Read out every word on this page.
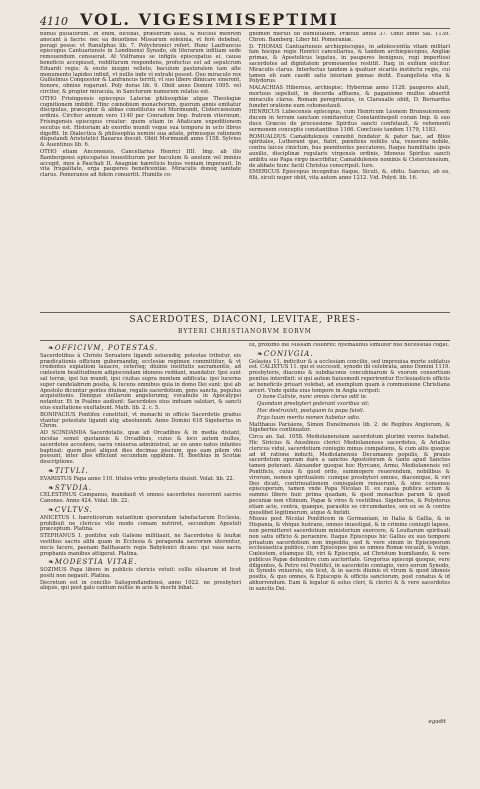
4110 VOL. VIGESIMISEPTIMI

nunus gultatorum. In enim, dicebat, præsertim assa, & nucleis menrem anocant à facris: nec ea deuotione Missarum solennia, vt ferè debebat, peragi posse: vt Ranulphus lib. 7. Polychronici refert. Hunc Lanfrancus episcopus Cantuariensis in Londinensi Synodo, ob literarum infitiam sede remouendum censuerat. At Vulfranus se infigiis episcopatus ei, causa beneficio accepisset, redditurum respondens, profectus est ad sepulcrum Eduardi regis: & exuto insigni velleto, baculum pastoralem tam alte monumento lapideo infixit, vt nullis inde vi extrahi posset. Quo miraculo rex Guilielmus Conquestor & Lanfrancus territi, vt suo libere dimicare sinerent, honore, obnixe rogarunt. Poly doras lib. 9. Obiit anno Domini 1095. vel circiter, & propter miracula, in Sanctorum numerum relatus est.

OTHO Frisingensis episcopus Lateriæ philosophiæ atque Theologiæ cognitionem imbibit. Hinc cœnobium monachorum, quorum annis emitatur discipulus, præceptor & abbas constitutus est Morimundi, Cisterciensium ordinis. Circiter annum vero 1140 per Conradum Imp. fratrem viterinum, Frisingensis episcopus creatur: quem etiam in Afiaticam expeditionem secutus est. Historiam ab exordio mundi vsque sua tempora in octo libros digeffit. In Dialectica & philosophia nemini sua ætate, primusque rationem disputandi Aristotelici Bauarus docuit. Obiit Morimundi anno 1158. Sylvius & Auentinus lib. 6.

OTHO etiam Anconensis, Cancellarius Henrici IIII. Imp. ab illo Bambergensi episcopatus inuestiturum per baculum & anulum vel imnius accepit, mox à Paschali II. Anagniæ hæreticis huius veniam imperauit. In vita frugalitate, erga pauperes beneficentiæ. Miraculis donoq ianitate clarus. Pomeranos ad fidem conuertit. Humilis co-

gnomen meruit ob humilitatem. Præfuit annis 37. Obiit anno Sal. 1139. Chron. Bamberg. Liber hil. Pomeraniæ.

D. THOMAS Cantuariensis archiepiscopus, in adolescentia vitam militari fam hocque regis Henrici cancellarius, & tandem archiepiscopus, Angliæ primas, & Apostolicus legatus, in pauperes benignus, regi impertiosi sacerdotes ad dignitatem promouentes restitit. Itaq; in exilium eiicitur. Miraculis clarus. Interfectus tandem à quatuor sicariis instinctu regis, cui tamen ob eam caedē satis iniuriam pœnas dedit. Euangelista vita & Polydorus.

MALACHIAS Hibernus, archiepisc. Hyberniæ anno 1128. pauperes aluit, mortuus sepeliuit, in decerda affluens, & paganismo multos abuertit miraculis clarus. Romam peregrinatus, in Claraualle obiit, D. Bernardus funebri oratione eum cohonestauit.

HENRICUS Lubecensis episcopus, cum Henricum Leonem Brunsuicensem ducem in terram sanctam comitaretur, Constantinopoli coram Imp. & suo duce Græcos de processione Spiritus sancti confutauit, & vehementi sermonem conceptis constantibus 1166. Conclusio tandem 1179, 1183.

ROMUALDUS Camaldulensis cœnobii fundator & pater hac, ad filios spiritales, Lutherant que, fiatri, pœnitens nobilis uta, reuerens nobile, contra laicos cinictum, bus poenitentes peccatores. Itaque humilitatis ipsis auxilio, disciplinæ regularis virgensis ordinis, Idoneus Spiritus sancti ambitu suo Papa virgo inscribitur, Camaldulensis nominis & Cisterciensium, de abbate hunc facili Christus conscripsit. Iure.

EMERICUS Episcopus incognitus itaque, Sicuti, &, obitu. Sancius, ab eo, filii, sicuti nuper obiit, vita autem anno 1212. Vid. Polyd. lib. 16.

SACERDOTES, DIACONI, LEVITAE, PRES-
BYTERI CHRISTIANORVM EORVM
❧ OFFICIVM, POTESTAS.

Sacerdotibus à Christo Seruatore ligandi soluendiq; potestas tributur, eis prædicationis officium gubernandiq; ecclesiæ regimen committitur, & vt credentes expiationi lauacro, ceterisq; diuinis institutis sacramentis, ad cœlestem beatitudinem adipiscendam idoneos reddant, mandatur. Ipsi sunt sal terræ, ipsi lux mundi, ipsi ciuitas supra montem adificata: ipsi lucerna super candelabrum posita, & lucens omnibus quia in domo Dei sunt: ipsi ab Apostolo dicuntur gentes diuinæ, regalis sacerdotium, gens sancta, populus acquisitionis. Denique stellarum angelorumq; vocabulis in Apocalypsi notantur. Et in Psalmo audiunt: Sacerdotes eius induam salutari, & sancti eius exultatione exultabunt. Math. lib. 2. c. 5.

BONIFACIUS Pontifex constituit, vt monachi in officio Sacerdotis gradus vtantur potestate ligandi atq; absoluendi. Anno Domini 618 Sigebertus in Chron.

AD SCINDANDA Sacerdotalis, quæ ab Orcadibus & in media distant, incolas semel quotannis & Orcadibus, cuius & loco autem nullos, sacerdotes accedens, sacra vniuersa administrat, ac eo anno natos infantes baptizat: quem post aliquot dies decimas piscium, quo eam pilem vbi possunt, inter illos efficiunt secundum oppidum. H. Boethius in Scotiæ descriptione.

❧ TITVLI.

EVARISTUS Papa anno 110. titulos vrbis presbyteris diuisit. Volat. lib. 22.

❧ STVDIA.

CELESTINUS Campanus, mandauit vt omnes sacerdotes nocerent sacros Canones. Anno 424. Volat. lib. 22.

❧ CVLTVS.

ANICETUS I. hæreticorum nutantium quorundam tabefactarum Ecclesia, prohibuit ne clericus vllo modo comam nutriret, secundum Apostoli præceptum. Platina.

STEPHANUS I. pontifex sub Galieno militiauit, ne Sacerdotes & leuitæ vestibus sacris alibi quam in Ecclesia & peragenda sacrorum uterentur, necis facere, paenam Balthasaris regis Babylonici dicans: qui vasa sacra prophanis manibus attigerat. Platina.

❧ MODESTIA VITAE.

SOZIMUS Papa libere in publicis clericis vetuit: cellis siluarum id licet positi non negauit. Platina.

Decretum est in concilio Salisgonflandiensi, anno 1022. ne presbyteri aliquis, qui post galo cantum nullus in acie & mochi bibat.

tit, proximo die Missam celebret: hyemalibus similiter nisi necessitas cogat.

❧ CONIVGIA.

Gelasius 11. indicitur & a ecclesiam concilio, sed improuisa morte sublatus est. CALIXTUS 11. qui ei successit, synodo ibi celebrata, anno Domini 1119. presbyteris, diaconis & subdiaconis concubinarum & vxorum consortium penitus interdixit: si qui autem huiusmodi reperirentur Ecclesiasticis officiis ac beneficiis priuari volebat, ad exemplum quam à communione Christiana arceri. Vnde quida eius tempore in Angla scripsit:

O bone Calixte, nunc omnis clerus odit te.

Quondam presbyteri poterant vxoribus vti:

Hoc destruxisti, postquam tu papa fuisti.

Ergo tuum merito nomen habetur odio.

Matthæus Parisiens, Simon Dunelmensis lib. 2. de Regibus Anglorum, & Sigebertus continuator.

Circa an. Sal. 1058. Mediolanensium sacerdotum plurimi vxores habebat. Hic Siricius & Anselmus clerici Mediolanenses sacerdotes, & Ariallus clericus vidui, sacerdotium coniugio minus compatiens, & cum aliis quoque ad id ratione inducti, Mediolanensis Decumanos populis, & prauis sacerdotum operam dare a sanctos Apostolorum & tanto apud Sanctos tamen poterant. Alexander quoque hoc Hyrcano, Armo, Mediolanensis vel Pontificis, cuius & quod ordo, summopere reuerendum, nobilibus & virorum, nomen spiritualem: cumque presbyteri omnes, diaconique, & viri Deo dicati, contrinuationem coniugalem renuerunt, & sine consensu episcoporum, tamen vnde Papa Nicolao II. ex causa publice actum & summo libere huic prima quadam, & quod monachus parum & quod pecuniæ non vltimum, Papæ & vires & vestitibus. Sigebertus, & Polydorus etiam acie, contra, quæque, parasitis se circumdantes, sex ex se & contra quoslibet legitimorum, atque & fœtidi.

Missus post Nicolai Pontificem in Germaniam, in Italia & Gallia, & in Hispania, & vbique lustrans, omnes inuestigat, & in crimine coniugii lapsos, non permitteret sacerdotium ministerium exercere, & Leuitarum spirituali non satis officio & peruenire. Itaque Episcopus hic Gallus ex suo tempore priuatum sacerdotium non impedito, sed & vere sinum in Episcoporum ecclesiastica publice, cum Episcopos ipsi se omnes Romæ vocauit, & vulgo, Cœlestem, etiamque illi, viri & Episcopis, ad Christum humiliando, & vere publicos Papæ defendere cum auctoritate. Gregorius episcopi quoque, vere diligentes, & Petro vel Pontifici, in sacerdotio coniugio, vero eorum Synodo, in Synodo vniuersis, eis licet, & in sacris diuinis et vtrum & quod idoneis positis, & quo omnes, & Episcopis & officiis sanctorum, post conatus & id abhorrendum. Eam & legatur & solus cleri, & clerici & & vere sacerdotes in sanctis Dei.

egadit
